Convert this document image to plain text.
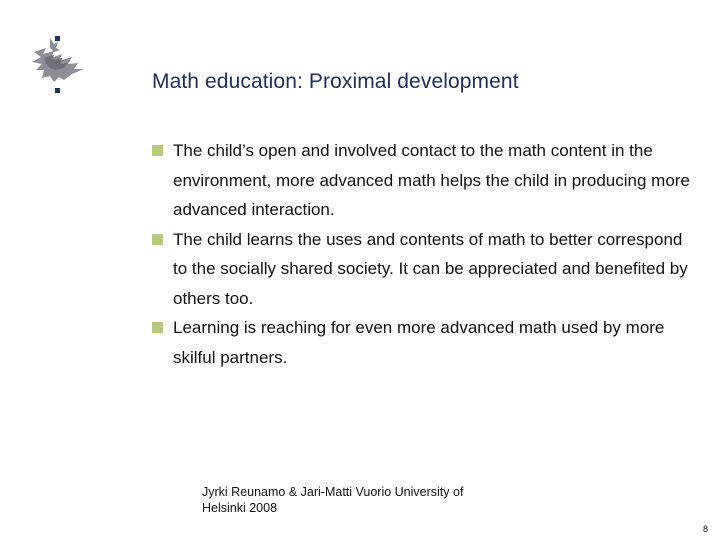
Math education: Proximal development
The child’s open and involved contact to the math content in the environment, more advanced math helps the child in producing more advanced interaction.
The child learns the uses and contents of math to better correspond to the socially shared society. It can be appreciated and benefited by others too.
Learning is reaching for even more advanced math used by more skilful partners.
Jyrki Reunamo & Jari-Matti Vuorio University of Helsinki 2008
8
